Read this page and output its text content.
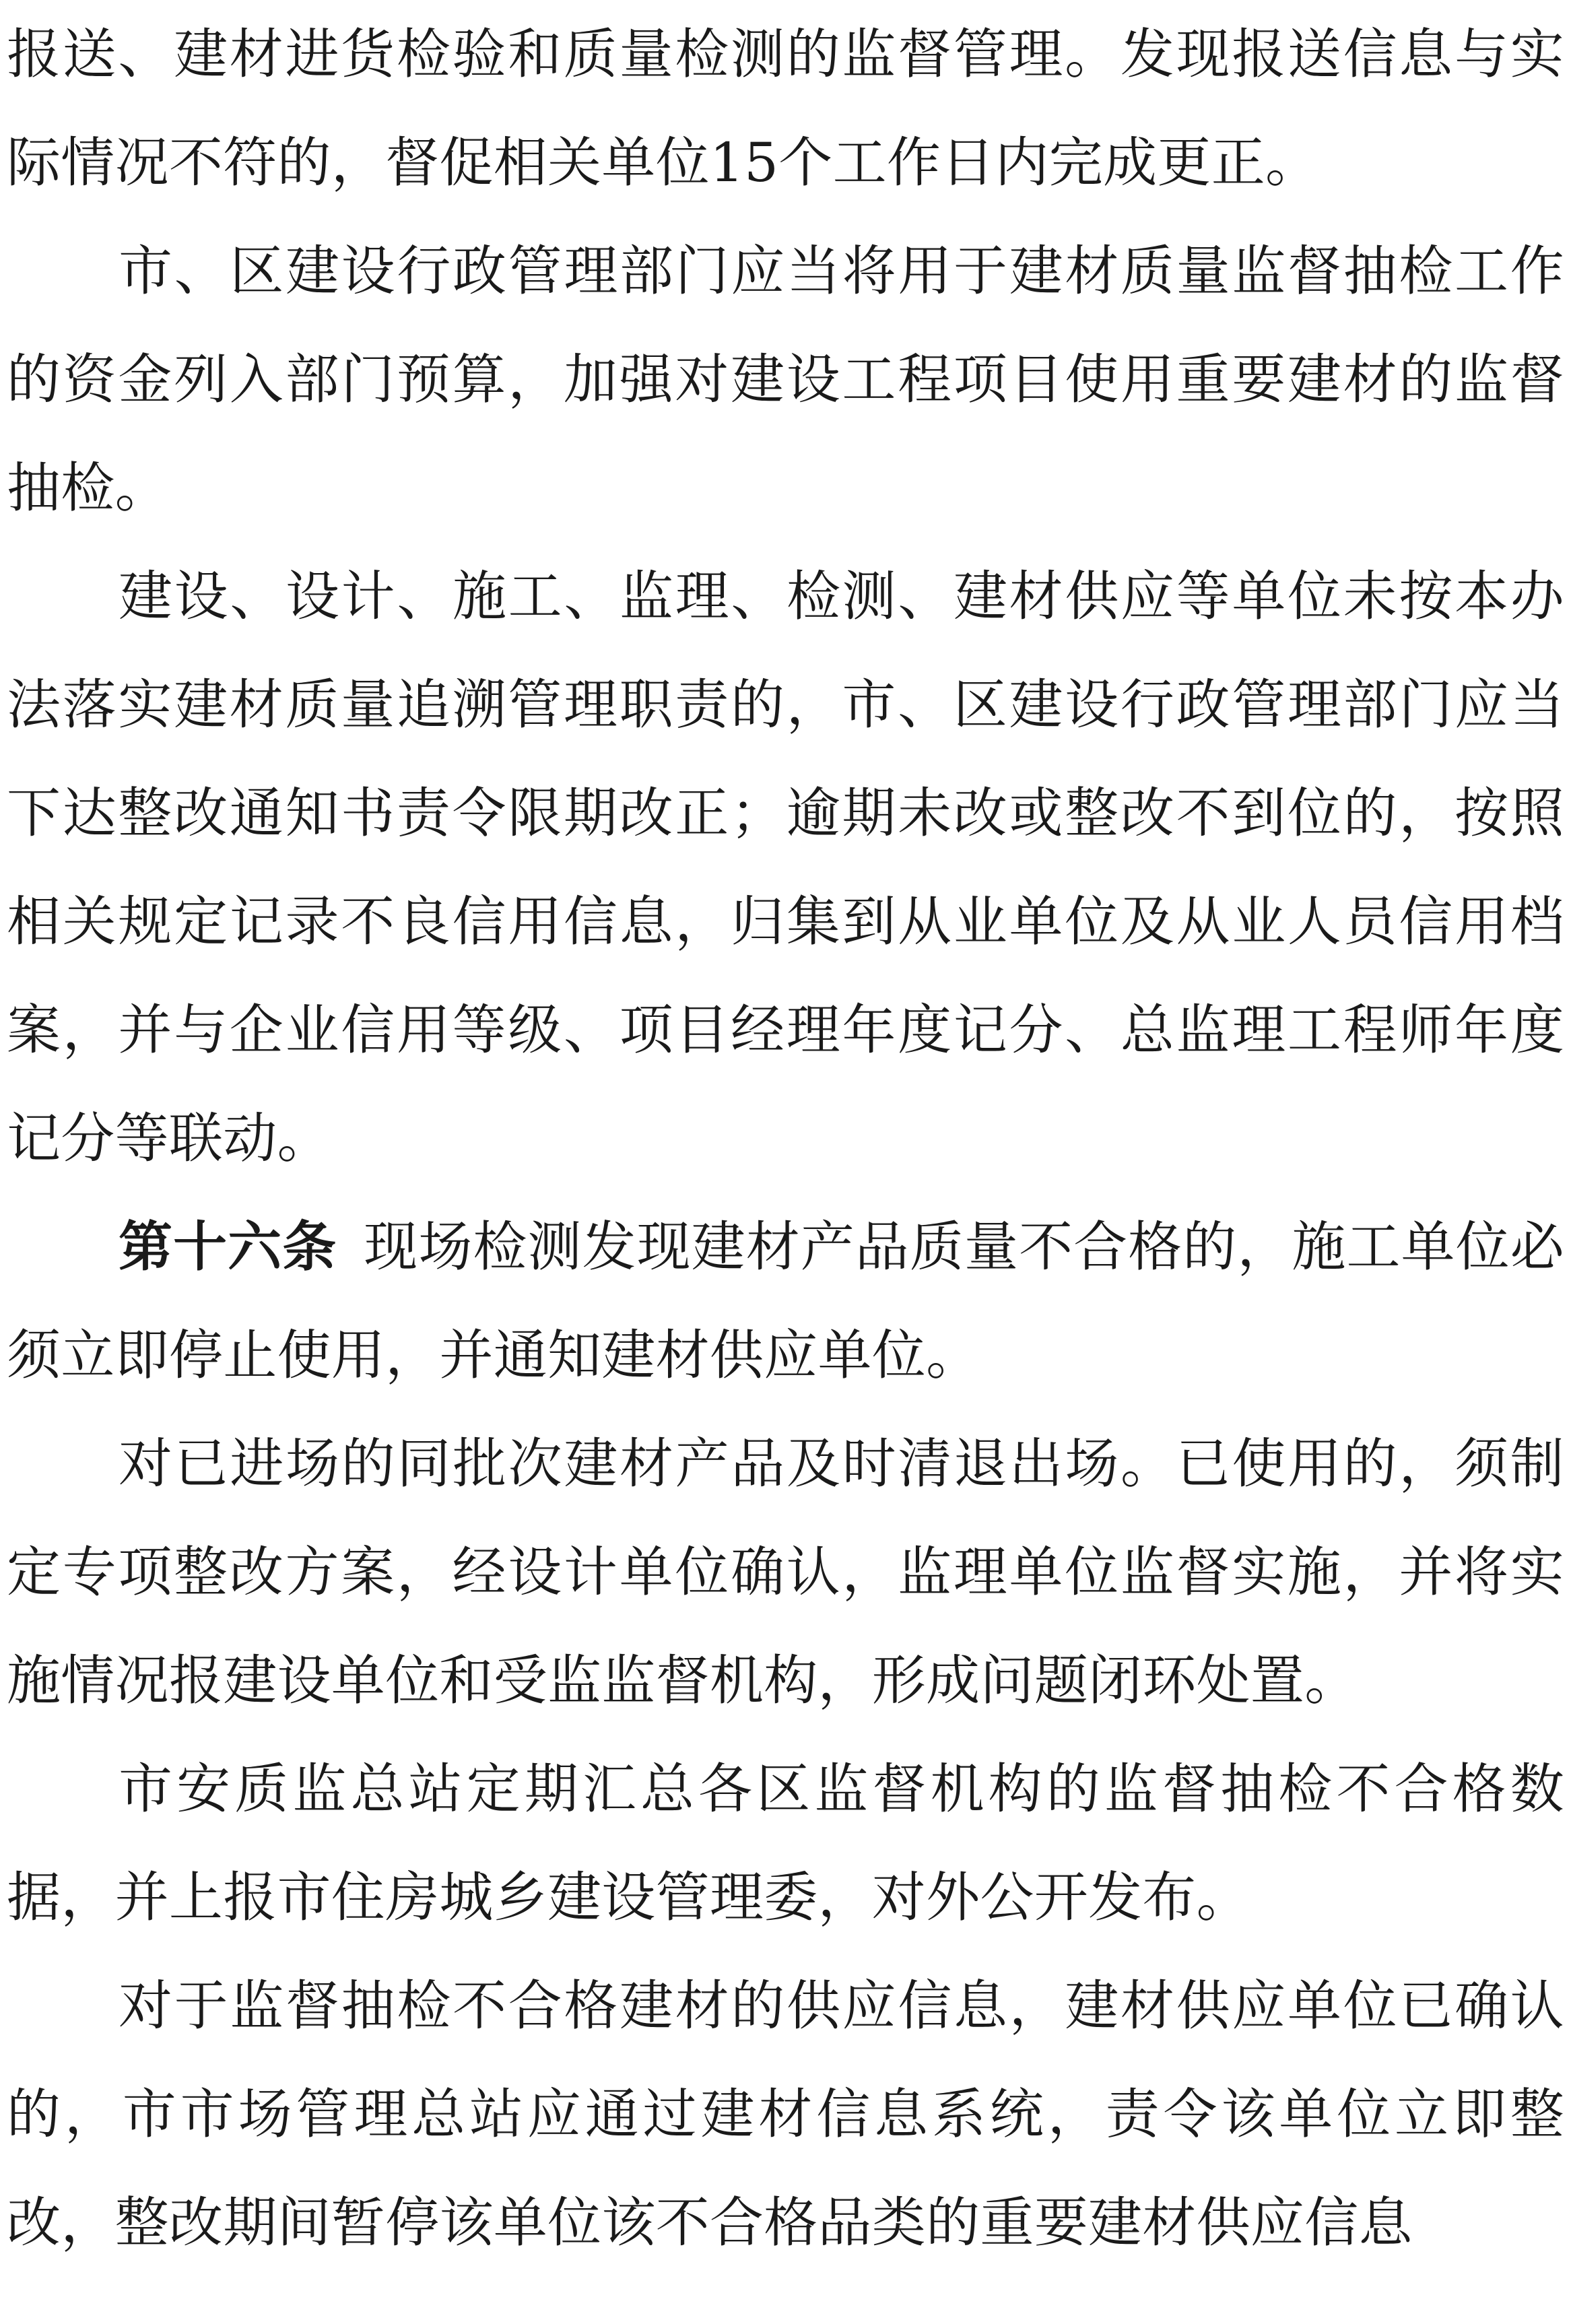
报送、建材进货检验和质量检测的监督管理。发现报送信息与实际情况不符的，督促相关单位15个工作日内完成更正。

市、区建设行政管理部门应当将用于建材质量监督抽检工作的资金列入部门预算，加强对建设工程项目使用重要建材的监督抽检。

建设、设计、施工、监理、检测、建材供应等单位未按本办法落实建材质量追溯管理职责的，市、区建设行政管理部门应当下达整改通知书责令限期改正；逾期未改或整改不到位的，按照相关规定记录不良信用信息，归集到从业单位及从业人员信用档案，并与企业信用等级、项目经理年度记分、总监理工程师年度记分等联动。

第十六条 现场检测发现建材产品质量不合格的，施工单位必须立即停止使用，并通知建材供应单位。

对已进场的同批次建材产品及时清退出场。已使用的，须制定专项整改方案，经设计单位确认，监理单位监督实施，并将实施情况报建设单位和受监监督机构，形成问题闭环处置。

市安质监总站定期汇总各区监督机构的监督抽检不合格数据，并上报市住房城乡建设管理委，对外公开发布。

对于监督抽检不合格建材的供应信息，建材供应单位已确认的，市市场管理总站应通过建材信息系统，责令该单位立即整改，整改期间暂停该单位该不合格品类的重要建材供应信息
